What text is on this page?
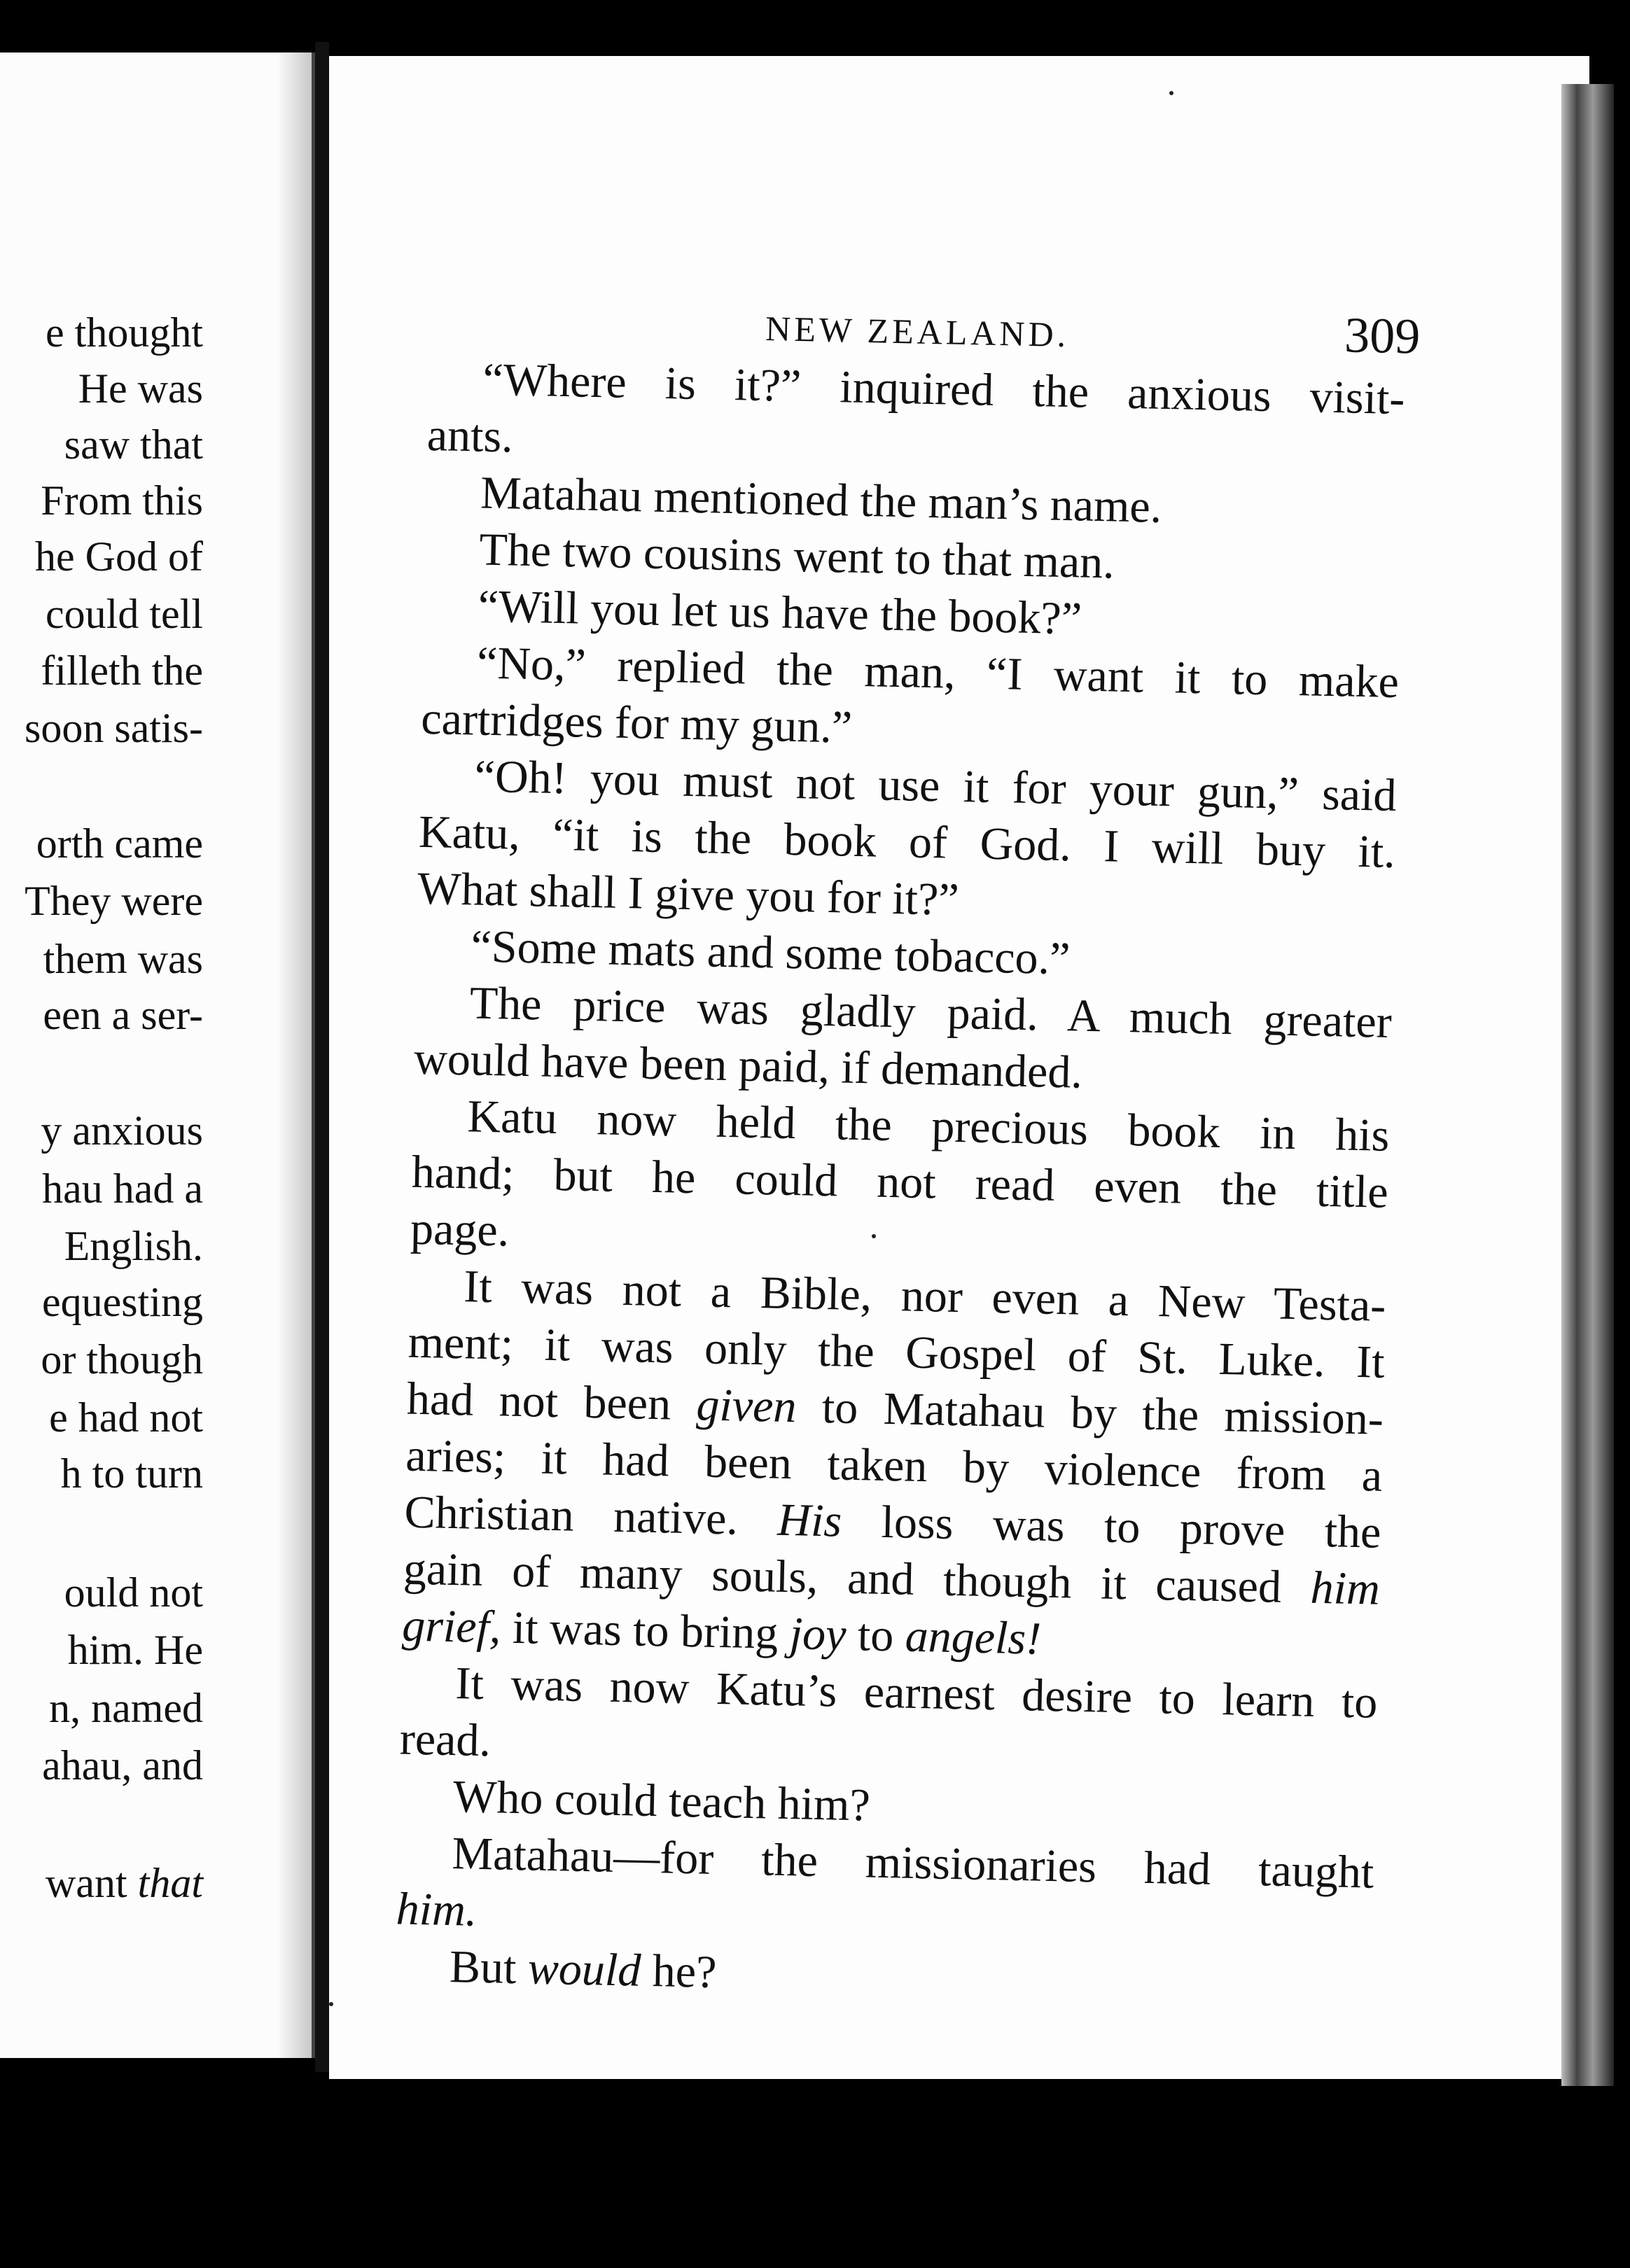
e thought
He was
saw that
From this
he God of
could tell
filleth the
soon satis-
orth came
They were
them was
een a ser-
y anxious
hau had a
English.
equesting
or though
e had not
h to turn
ould not
him. He
n, named
ahau, and
want that
NEW ZEALAND.	309
“Where is it?” inquired the anxious visit-
ants.
Matahau mentioned the man’s name.
The two cousins went to that man.
“Will you let us have the book?”
“No,” replied the man, “I want it to make
cartridges for my gun.”
“Oh! you must not use it for your gun,” said
Katu, “it is the book of God. I will buy it.
What shall I give you for it?”
“Some mats and some tobacco.”
The price was gladly paid. A much greater
would have been paid, if demanded.
Katu now held the precious book in his
hand; but he could not read even the title
page.
It was not a Bible, nor even a New Testa-
ment; it was only the Gospel of St. Luke. It
had not been given to Matahau by the mission-
aries; it had been taken by violence from a
Christian native. His loss was to prove the
gain of many souls, and though it caused him
grief, it was to bring joy to angels!
It was now Katu’s earnest desire to learn to
read.
Who could teach him?
Matahau—for the missionaries had taught
him.
But would he?
